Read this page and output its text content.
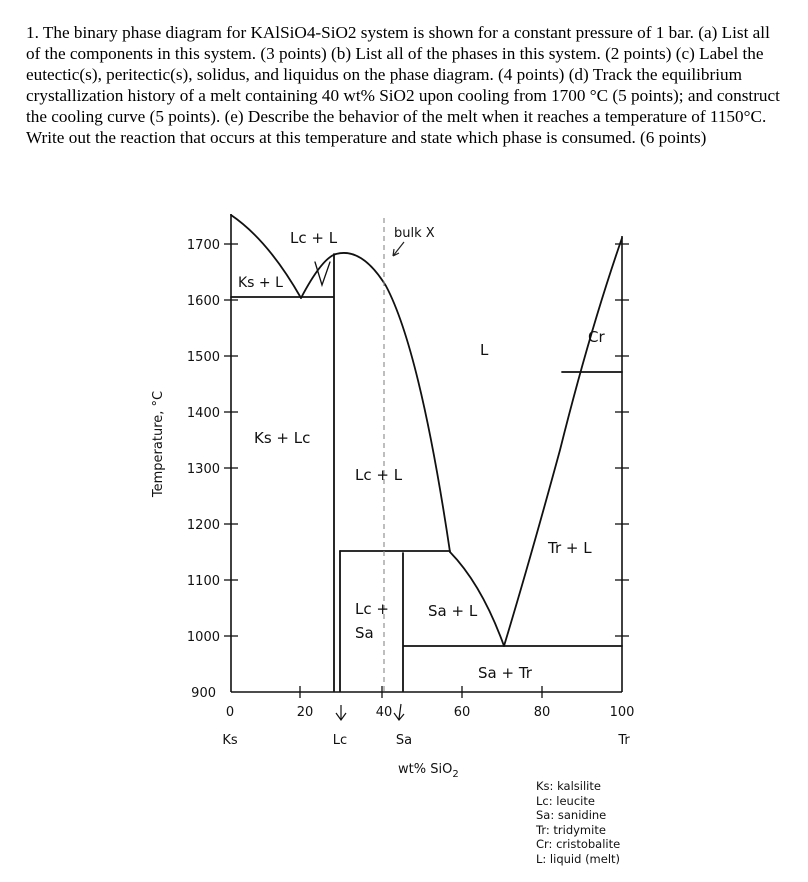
1. The binary phase diagram for KAlSiO4-SiO2 system is shown for a constant pressure of 1 bar. (a) List all of the components in this system. (3 points) (b) List all of the phases in this system. (2 points) (c) Label the eutectic(s), peritectic(s), solidus, and liquidus on the phase diagram. (4 points) (d) Track the equilibrium crystallization history of a melt containing 40 wt% SiO2 upon cooling from 1700 °C (5 points); and construct the cooling curve (5 points). (e) Describe the behavior of the melt when it reaches a temperature of 1150°C. Write out the reaction that occurs at this temperature and state which phase is consumed. (6 points)
1700
1600
1500
1400
1300
1200
1100
1000
900
0	20	40	60	80	100
Ks	Tr
Lc	Sa
Temperature, °C
wt% SiO$_2$
Lc + L
Ks + L
Ks + Lc
Lc + L
Lc +
Sa
Sa + L
L
Cr
Tr + L
Sa + Tr
bulk X
Ks: kalsilite
Lc: leucite
Sa: sanidine
Tr: tridymite
Cr: cristobalite
L: liquid (melt)
